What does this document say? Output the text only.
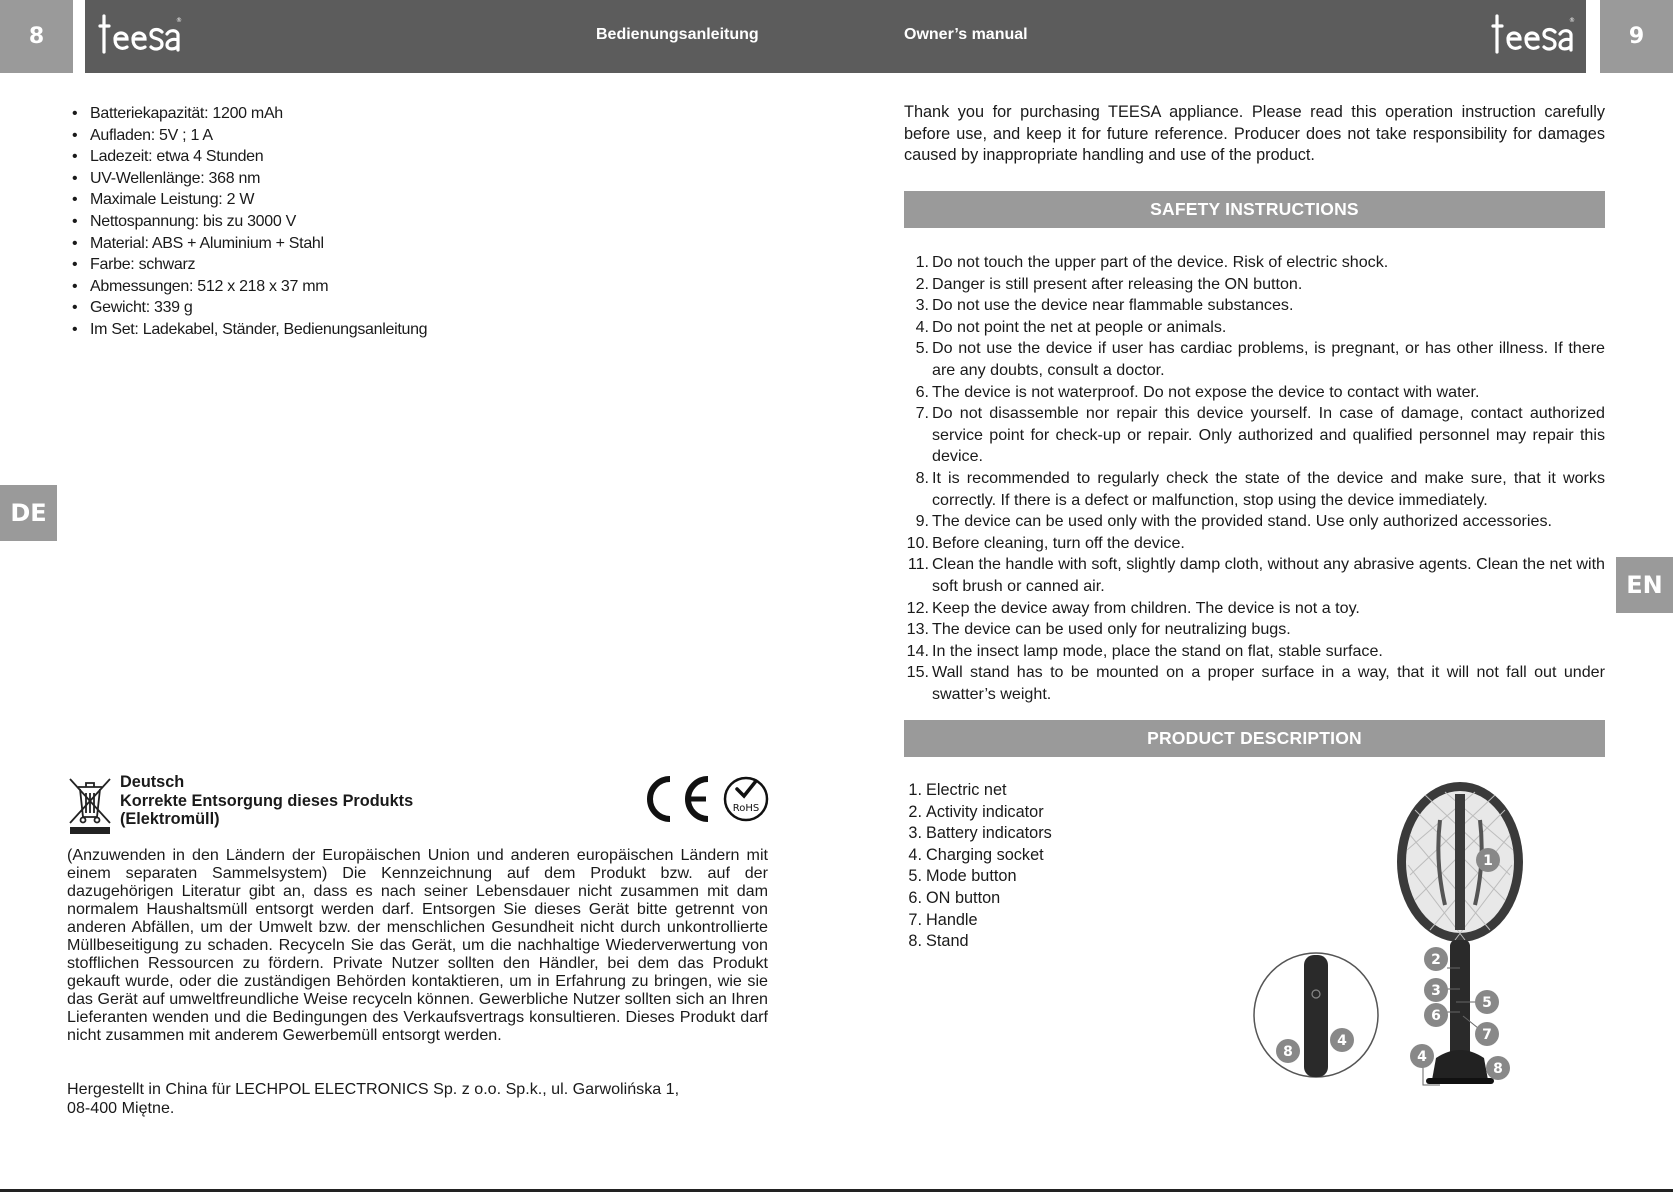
8
®
Bedienungsanleitung	Owner’s manual
®
9
DE
EN
• Batteriekapazität: 1200 mAh
• Aufladen: 5V ; 1 A
• Ladezeit: etwa 4 Stunden
• UV-Wellenlänge: 368 nm
• Maximale Leistung: 2 W
• Nettospannung: bis zu 3000 V
• Material: ABS + Aluminium + Stahl
• Farbe: schwarz
• Abmessungen: 512 x 218 x 37 mm
• Gewicht: 339 g
• Im Set: Ladekabel, Ständer, Bedienungsanleitung
Deutsch
Korrekte Entsorgung dieses Produkts
(Elektromüll)
RoHS

(Anzuwenden in den Ländern der Europäischen Union und anderen europäischen Ländern mit einem separaten Sammelsystem) Die Kennzeichnung auf dem Produkt bzw. auf der dazugehörigen Literatur gibt an, dass es nach seiner Lebensdauer nicht zusammen mit dam normalem Haushaltsmüll entsorgt werden darf. Entsorgen Sie dieses Gerät bitte getrennt von anderen Abfällen, um der Umwelt bzw. der menschlichen Gesundheit nicht durch unkontrollierte Müllbeseitigung zu schaden. Recyceln Sie das Gerät, um die nachhaltige Wiederverwertung von stofflichen Ressourcen zu fördern. Private Nutzer sollten den Händler, bei dem das Produkt gekauft wurde, oder die zuständigen Behörden kontaktieren, um in Erfahrung zu bringen, wie sie das Gerät auf umweltfreundliche Weise recyceln können. Gewerbliche Nutzer sollten sich an Ihren Lieferanten wenden und die Bedingungen des Verkaufsvertrags konsultieren. Dieses Produkt darf nicht zusammen mit anderem Gewerbemüll entsorgt werden.

Hergestellt in China für LECHPOL ELECTRONICS Sp. z o.o. Sp.k., ul. Garwolińska 1,
08-400 Miętne.

Thank you for purchasing TEESA appliance. Please read this operation instruction carefully before use, and keep it for future reference. Producer does not take responsibility for damages caused by inappropriate handling and use of the product.

SAFETY INSTRUCTIONS
1. Do not touch the upper part of the device. Risk of electric shock.
2. Danger is still present after releasing the ON button.
3. Do not use the device near flammable substances.
4. Do not point the net at people or animals.
5. Do not use the device if user has cardiac problems, is pregnant, or has other illness. If there are any doubts, consult a doctor.
6. The device is not waterproof. Do not expose the device to contact with water.
7. Do not disassemble nor repair this device yourself. In case of damage, contact authorized service point for check-up or repair. Only authorized and qualified personnel may repair this device.
8. It is recommended to regularly check the state of the device and make sure, that it works correctly. If there is a defect or malfunction, stop using the device immediately.
9. The device can be used only with the provided stand. Use only authorized accessories.
10. Before cleaning, turn off the device.
11. Clean the handle with soft, slightly damp cloth, without any abrasive agents. Clean the net with soft brush or canned air.
12. Keep the device away from children. The device is not a toy.
13. The device can be used only for neutralizing bugs.
14. In the insect lamp mode, place the stand on flat, stable surface.
15. Wall stand has to be mounted on a proper surface in a way, that it will not fall out under swatter’s weight.
PRODUCT DESCRIPTION
1. Electric net
2. Activity indicator
3. Battery indicators
4. Charging socket
5. Mode button
6. ON button
7. Handle
8. Stand
1
2
3
5
6
7
4
8
8
4
